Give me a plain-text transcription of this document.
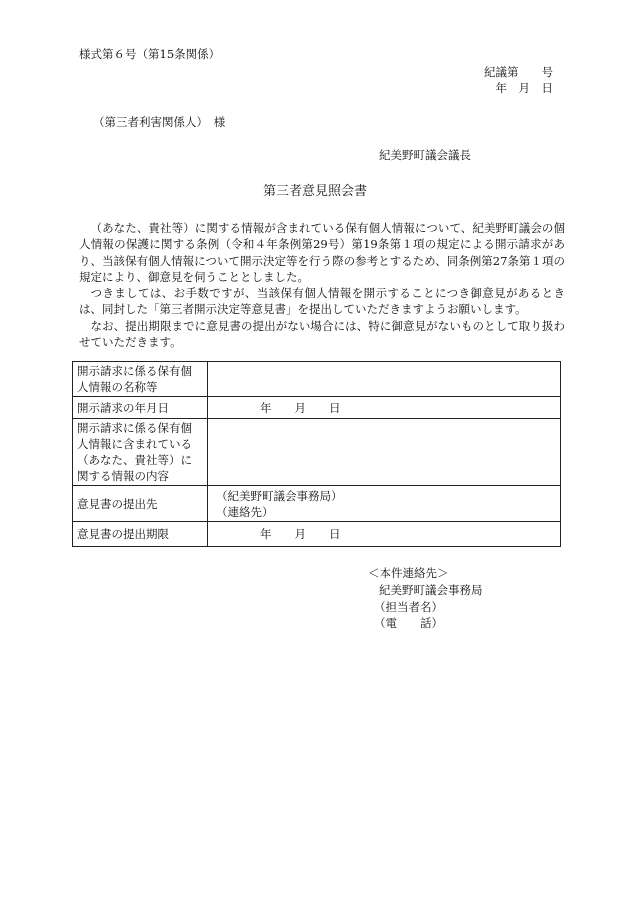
様式第６号（第15条関係）
紀議第　　号
年　月　日
（第三者利害関係人）　様
紀美野町議会議長
第三者意見照会書

（あなた、貴社等）に関する情報が含まれている保有個人情報について、紀美野町議会の個人情報の保護に関する条例（令和４年条例第29号）第19条第１項の規定による開示請求があり、当該保有個人情報について開示決定等を行う際の参考とするため、同条例第27条第１項の規定により、御意見を伺うこととしました。

つきましては、お手数ですが、当該保有個人情報を開示することにつき御意見があるときは、同封した「第三者開示決定等意見書」を提出していただきますようお願いします。

なお、提出期限までに意見書の提出がない場合には、特に御意見がないものとして取り扱わせていただきます。

開示請求に係る保有個人情報の名称等	
開示請求の年月日	年　　月　　日
開示請求に係る保有個人情報に含まれている（あなた、貴社等）に関する情報の内容	
意見書の提出先	（紀美野町議会事務局）
（連絡先）

意見書の提出期限	年　　月　　日
＜本件連絡先＞
紀美野町議会事務局
（担当者名）
（電　　話）
